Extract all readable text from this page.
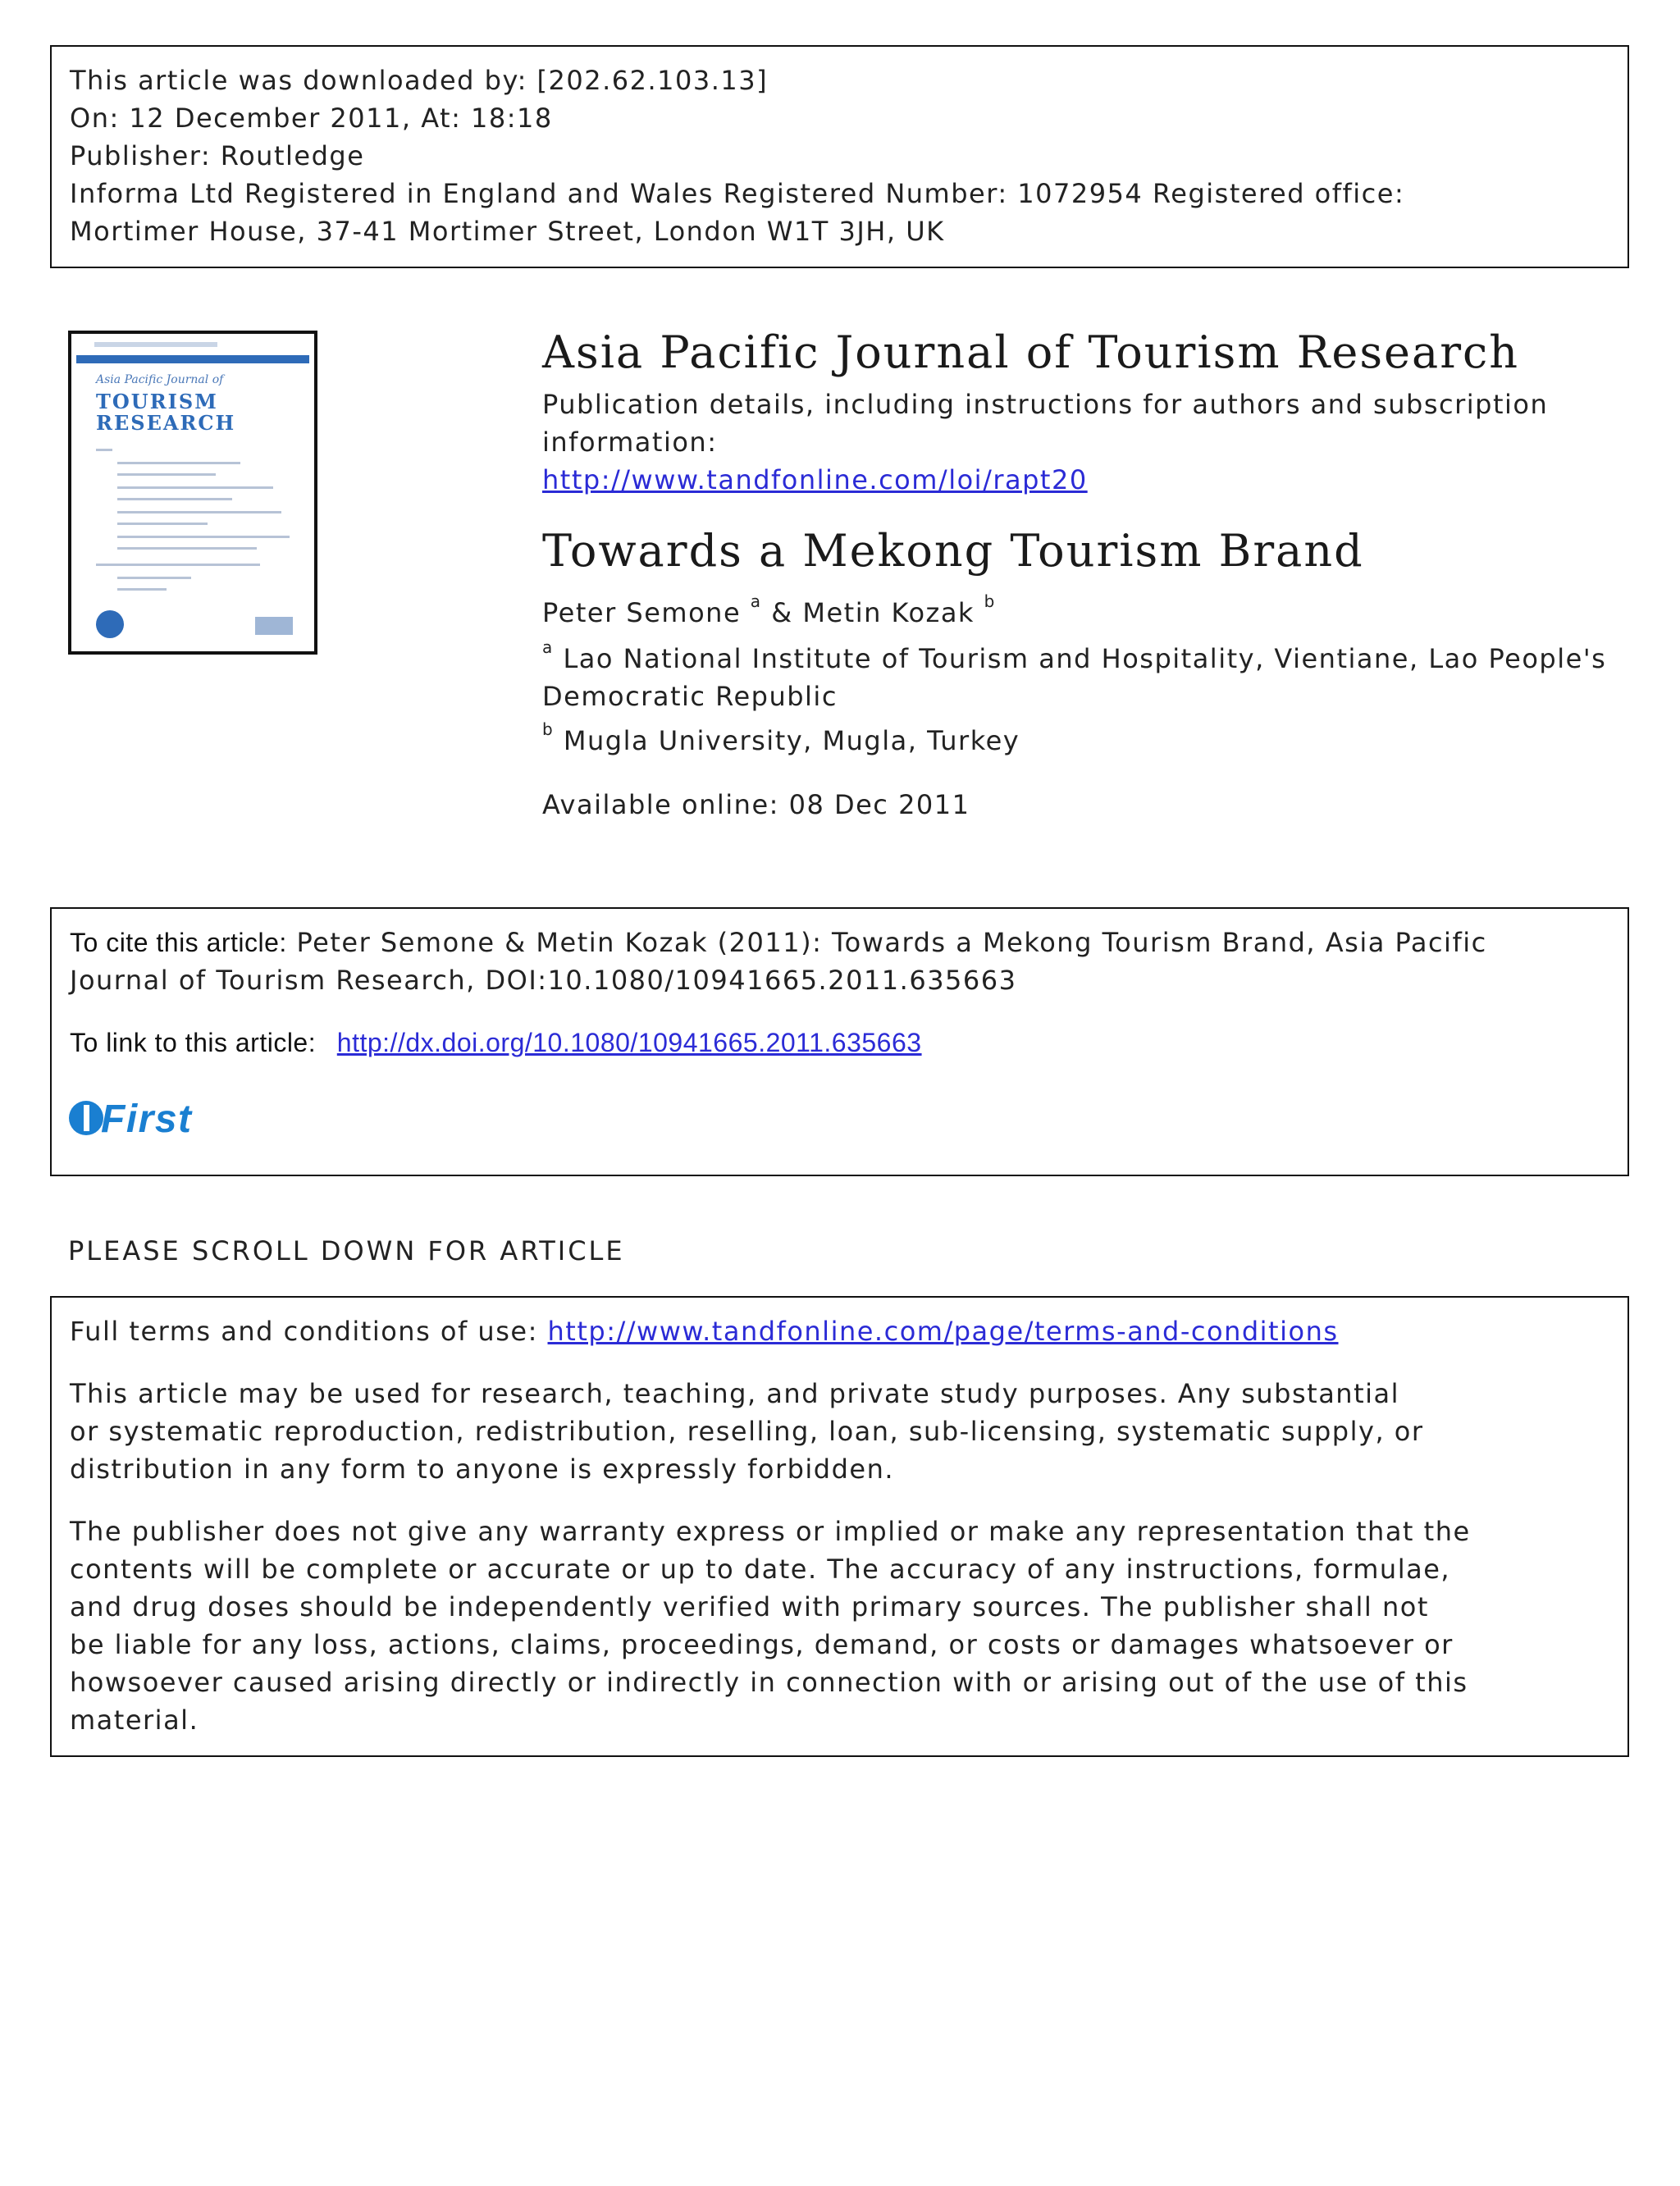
This article was downloaded by: [202.62.103.13]
On: 12 December 2011, At: 18:18
Publisher: Routledge
Informa Ltd Registered in England and Wales Registered Number: 1072954 Registered office:
Mortimer House, 37-41 Mortimer Street, London W1T 3JH, UK
Asia Pacific Journal of
TOURISM
RESEARCH
Asia Pacific Journal of Tourism Research
Publication details, including instructions for authors and subscription
information:
http://www.tandfonline.com/loi/rapt20
Towards a Mekong Tourism Brand
Peter Semone $^a$ & Metin Kozak $^b$
$^a$ Lao National Institute of Tourism and Hospitality, Vientiane, Lao People's
Democratic Republic
$^b$ Mugla University, Mugla, Turkey
Available online: 08 Dec 2011
To cite this article: Peter Semone & Metin Kozak (2011): Towards a Mekong Tourism Brand, Asia Pacific
Journal of Tourism Research, DOI:10.1080/10941665.2011.635663
To link to this article: http://dx.doi.org/10.1080/10941665.2011.635663
First
PLEASE SCROLL DOWN FOR ARTICLE
Full terms and conditions of use: http://www.tandfonline.com/page/terms-and-conditions
This article may be used for research, teaching, and private study purposes. Any substantial
or systematic reproduction, redistribution, reselling, loan, sub-licensing, systematic supply, or
distribution in any form to anyone is expressly forbidden.
The publisher does not give any warranty express or implied or make any representation that the
contents will be complete or accurate or up to date. The accuracy of any instructions, formulae,
and drug doses should be independently verified with primary sources. The publisher shall not
be liable for any loss, actions, claims, proceedings, demand, or costs or damages whatsoever or
howsoever caused arising directly or indirectly in connection with or arising out of the use of this
material.
